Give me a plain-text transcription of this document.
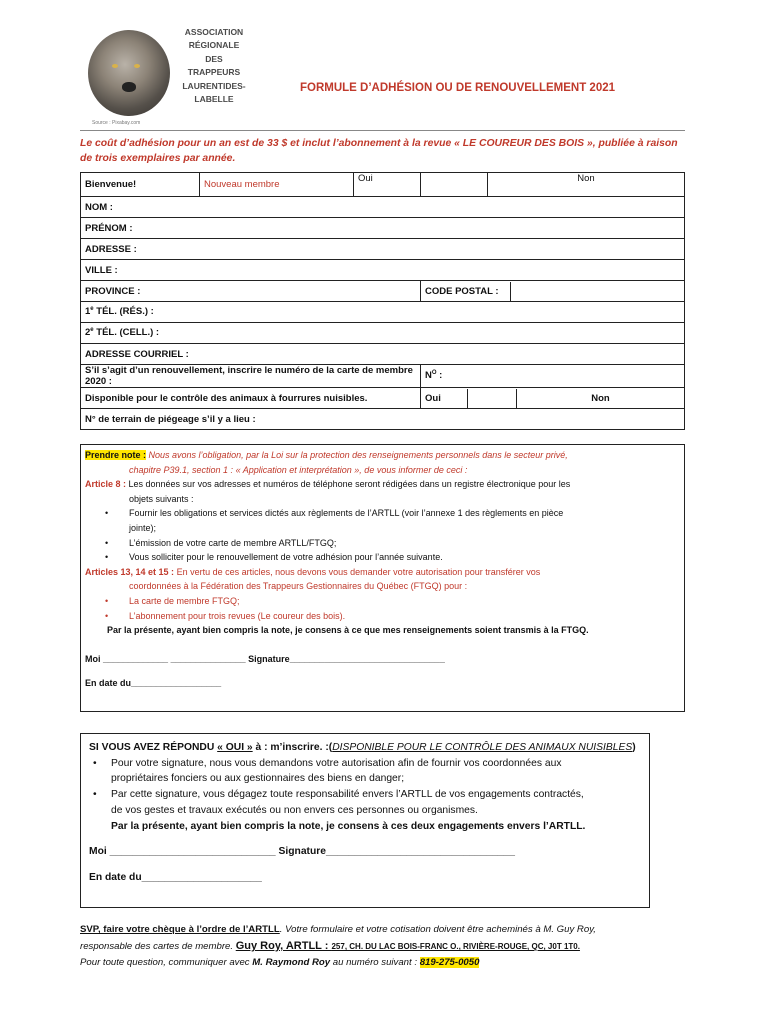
ASSOCIATION
RÉGIONALE
DES
TRAPPEURS
LAURENTIDES-
LABELLE
Source : Pixabay.com
FORMULE D’ADHÉSION OU DE RENOUVELLEMENT 2021
Le coût d’adhésion pour un an est de 33 $ et inclut l’abonnement à la revue « LE COUREUR DES BOIS », publiée à raison de trois exemplaires par année.
Bienvenue!	Nouveau membre	Oui		Non
NOM :
PRÉNOM :
ADRESSE :
VILLE :
PROVINCE :		CODE POSTAL :	

1e TÉL. (RÉS.) :
2e TÉL. (CELL.) :
ADRESSE COURRIEL :
S’il s’agit d’un renouvellement, inscrire le numéro de la carte de membre 2020 :	$N^O$ :
Disponible pour le contrôle des animaux à fourrures nuisibles.		Oui		Non

N° de terrain de piégeage s’il y a lieu :

Prendre note : Nous avons l’obligation, par la Loi sur la protection des renseignements personnels dans le secteur privé,

chapitre P39.1, section 1 : « Application et interprétation », de vous informer de ceci :

Article 8 : Les données sur vos adresses et numéros de téléphone seront rédigées dans un registre électronique pour les

objets suivants :

• Fournir les obligations et services dictés aux règlements de l’ARTLL (voir l’annexe 1 des règlements en pièce

jointe);

• L’émission de votre carte de membre ARTLL/FTGQ;

• Vous solliciter pour le renouvellement de votre adhésion pour l’année suivante.

Articles 13, 14 et 15 : En vertu de ces articles, nous devons vous demander votre autorisation pour transférer vos

coordonnées à la Fédération des Trappeurs Gestionnaires du Québec (FTGQ) pour :

• La carte de membre FTGQ;

• L’abonnement pour trois revues (Le coureur des bois).

Par la présente, ayant bien compris la note, je consens à ce que mes renseignements soient transmis à la FTGQ.

Moi _____________ _______________ Signature_______________________________

En date du__________________

SI VOUS AVEZ RÉPONDU « OUI » à : m’inscrire. :(DISPONIBLE POUR LE CONTRÔLE DES ANIMAUX NUISIBLES)

• Pour votre signature, nous vous demandons votre autorisation afin de fournir vos coordonnées aux

propriétaires fonciers ou aux gestionnaires des biens en danger;

• Par cette signature, vous dégagez toute responsabilité envers l’ARTLL de vos engagements contractés,

de vos gestes et travaux exécutés ou non envers ces personnes ou organismes.

Par la présente, ayant bien compris la note, je consens à ces deux engagements envers l’ARTLL.

Moi _____________________________ Signature_________________________________

En date du_____________________

SVP, faire votre chèque à l’ordre de l’ARTLL. Votre formulaire et votre cotisation doivent être acheminés à M. Guy Roy,

responsable des cartes de membre. Guy Roy, ARTLL : 257, CH. DU LAC BOIS-FRANC O., RIVIÈRE-ROUGE, QC, J0T 1T0.

Pour toute question, communiquer avec M. Raymond Roy au numéro suivant : 819-275-0050
